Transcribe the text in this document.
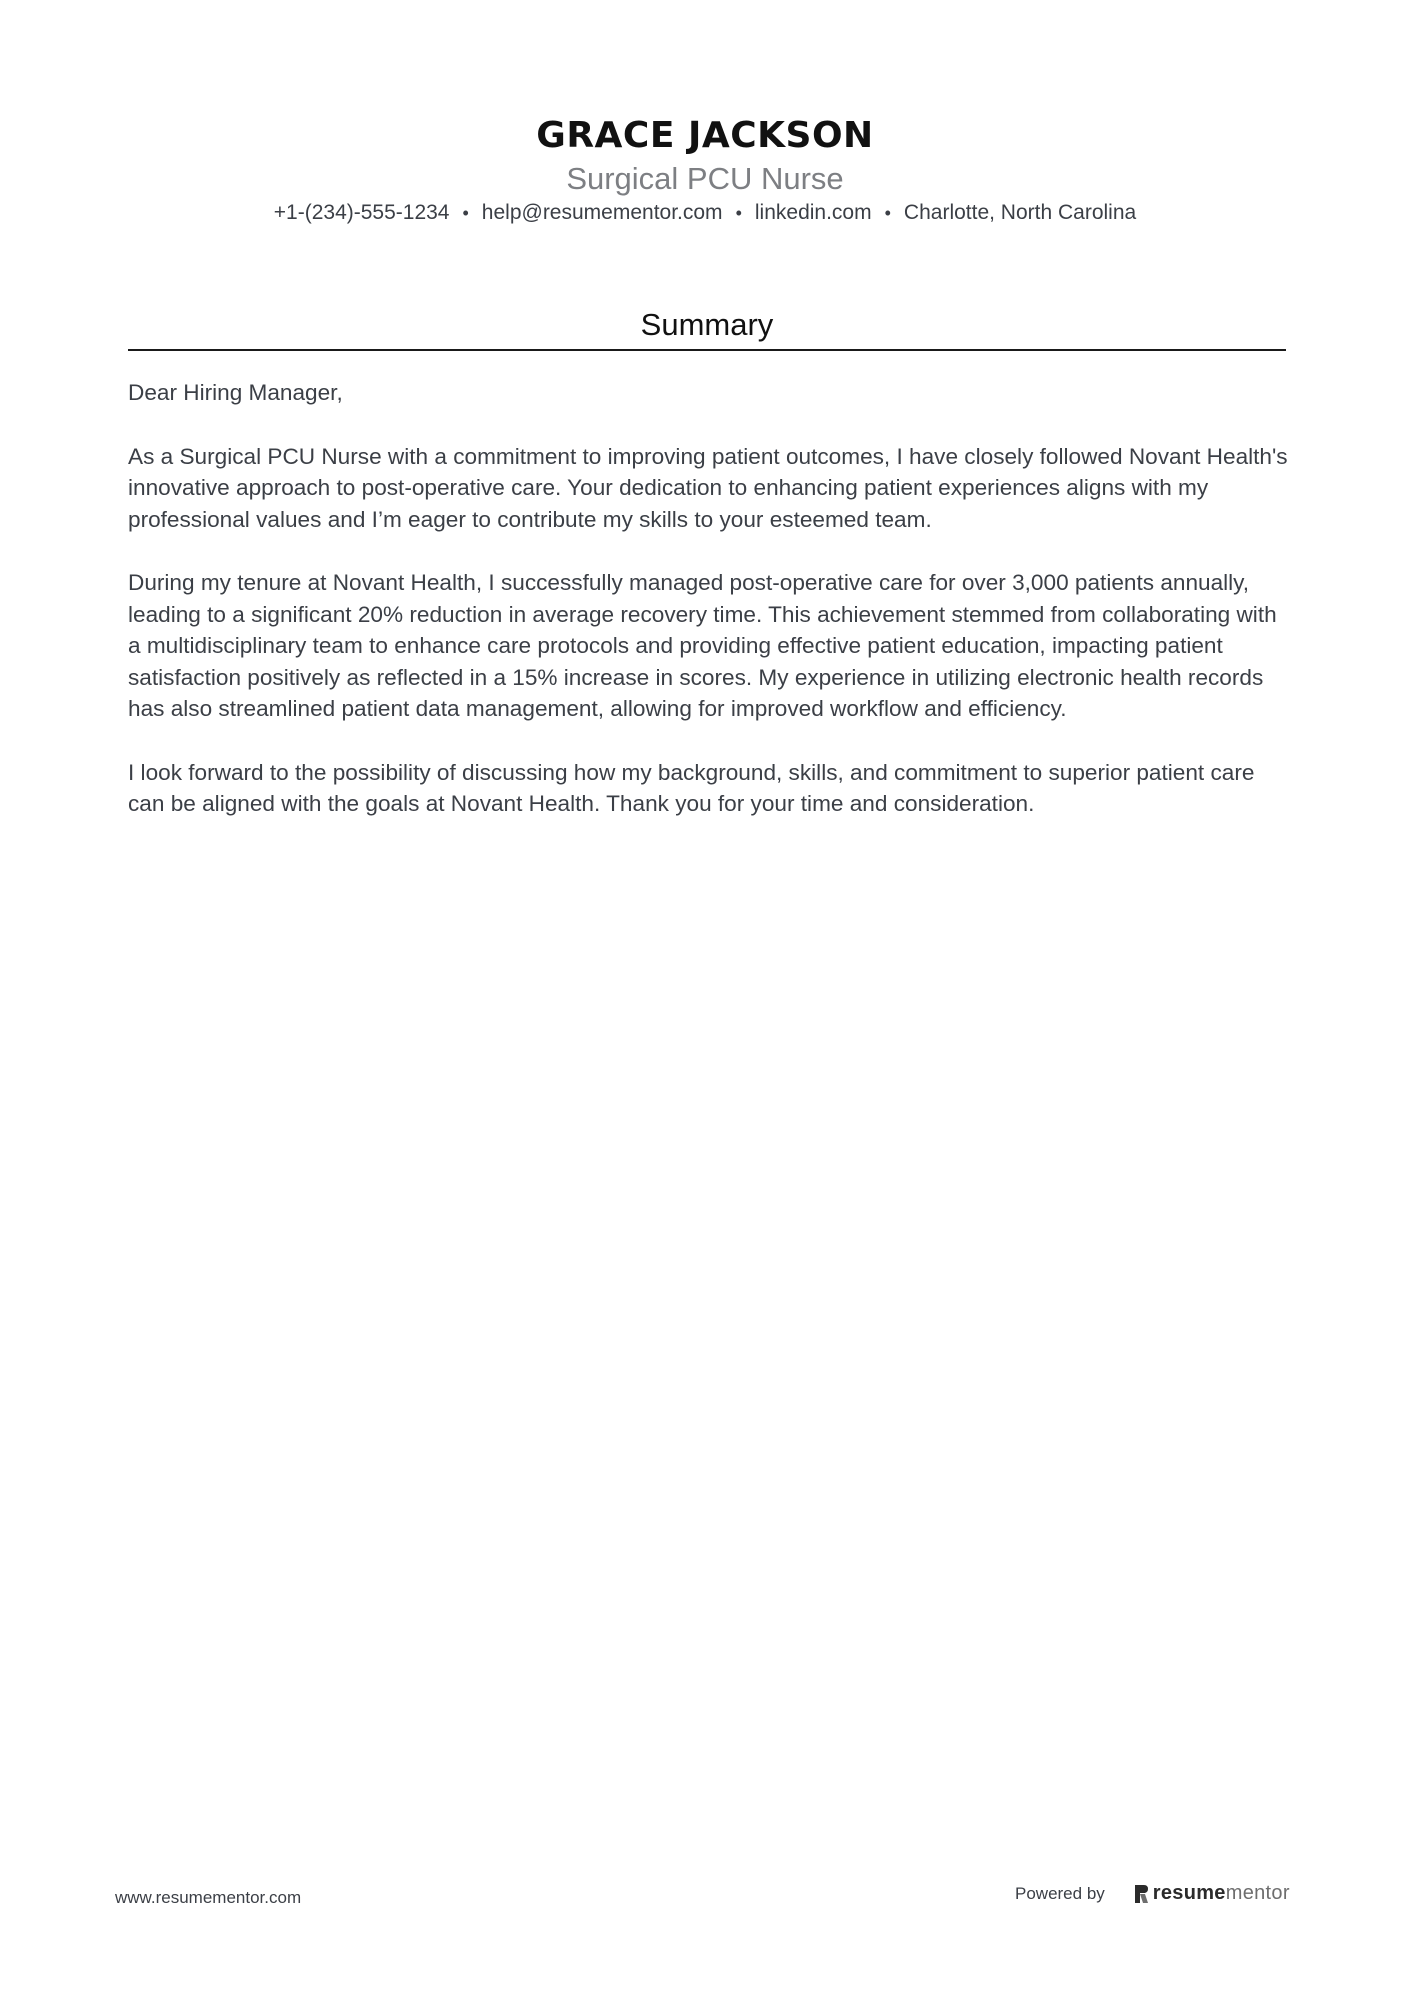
GRACE JACKSON
Surgical PCU Nurse
+1-(234)-555-1234 • help@resumementor.com • linkedin.com • Charlotte, North Carolina
Summary

Dear Hiring Manager,

As a Surgical PCU Nurse with a commitment to improving patient outcomes, I have closely followed Novant Health's innovative approach to post-operative care. Your dedication to enhancing patient experiences aligns with my professional values and I’m eager to contribute my skills to your esteemed team.

During my tenure at Novant Health, I successfully managed post-operative care for over 3,000 patients annually, leading to a significant 20% reduction in average recovery time. This achievement stemmed from collaborating with a multidisciplinary team to enhance care protocols and providing effective patient education, impacting patient satisfaction positively as reflected in a 15% increase in scores. My experience in utilizing electronic health records has also streamlined patient data management, allowing for improved workflow and efficiency.

I look forward to the possibility of discussing how my background, skills, and commitment to superior patient care can be aligned with the goals at Novant Health. Thank you for your time and consideration.

www.resumementor.com	Powered by resume mentor
